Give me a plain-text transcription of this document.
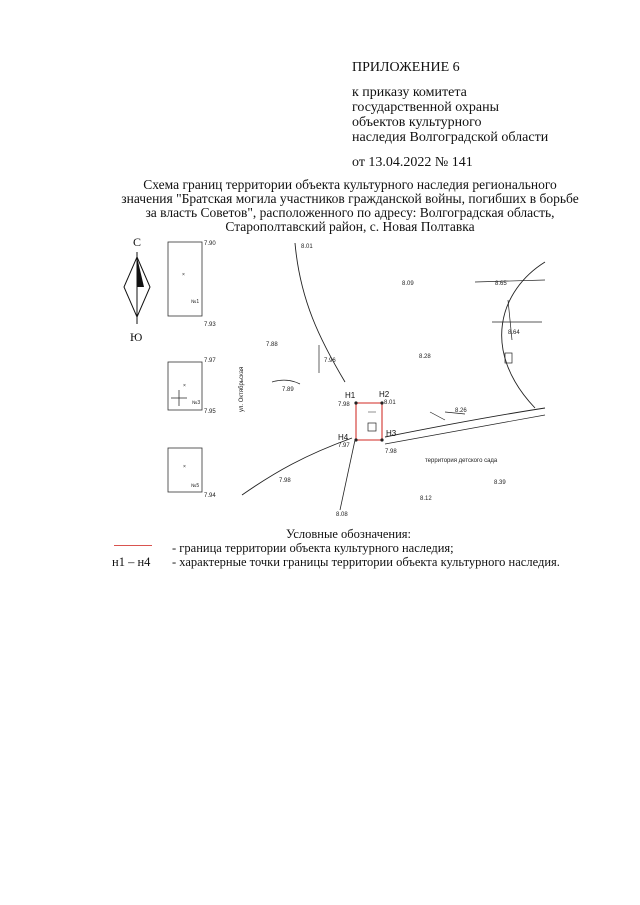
ПРИЛОЖЕНИЕ 6
к приказу комитета
государственной охраны
объектов культурного
наследия Волгоградской области
от 13.04.2022 № 141
Схема границ территории объекта культурного наследия регионального
значения "Братская могила участников гражданской войны, погибших в борьбе
за власть Советов", расположенного по адресу: Волгоградская область,
Старополтавский район, с. Новая Полтавка
С
Ю
×
№1
7.90
7.93
×
№3
7.97
7.95
×
№5
7.94
ул. Октябрьская
8.01
8.09	8.65
8.64
7.88
7.96
8.28
7.89
8.26
7.98
7.97
7.98
8.01
8.39
7.98
8.12
8.08
территория детского сада
Н1	Н2
Н3
Н4
Условные обозначения:
- граница территории объекта культурного наследия;
н1 – н4 - характерные точки границы территории объекта культурного наследия.
